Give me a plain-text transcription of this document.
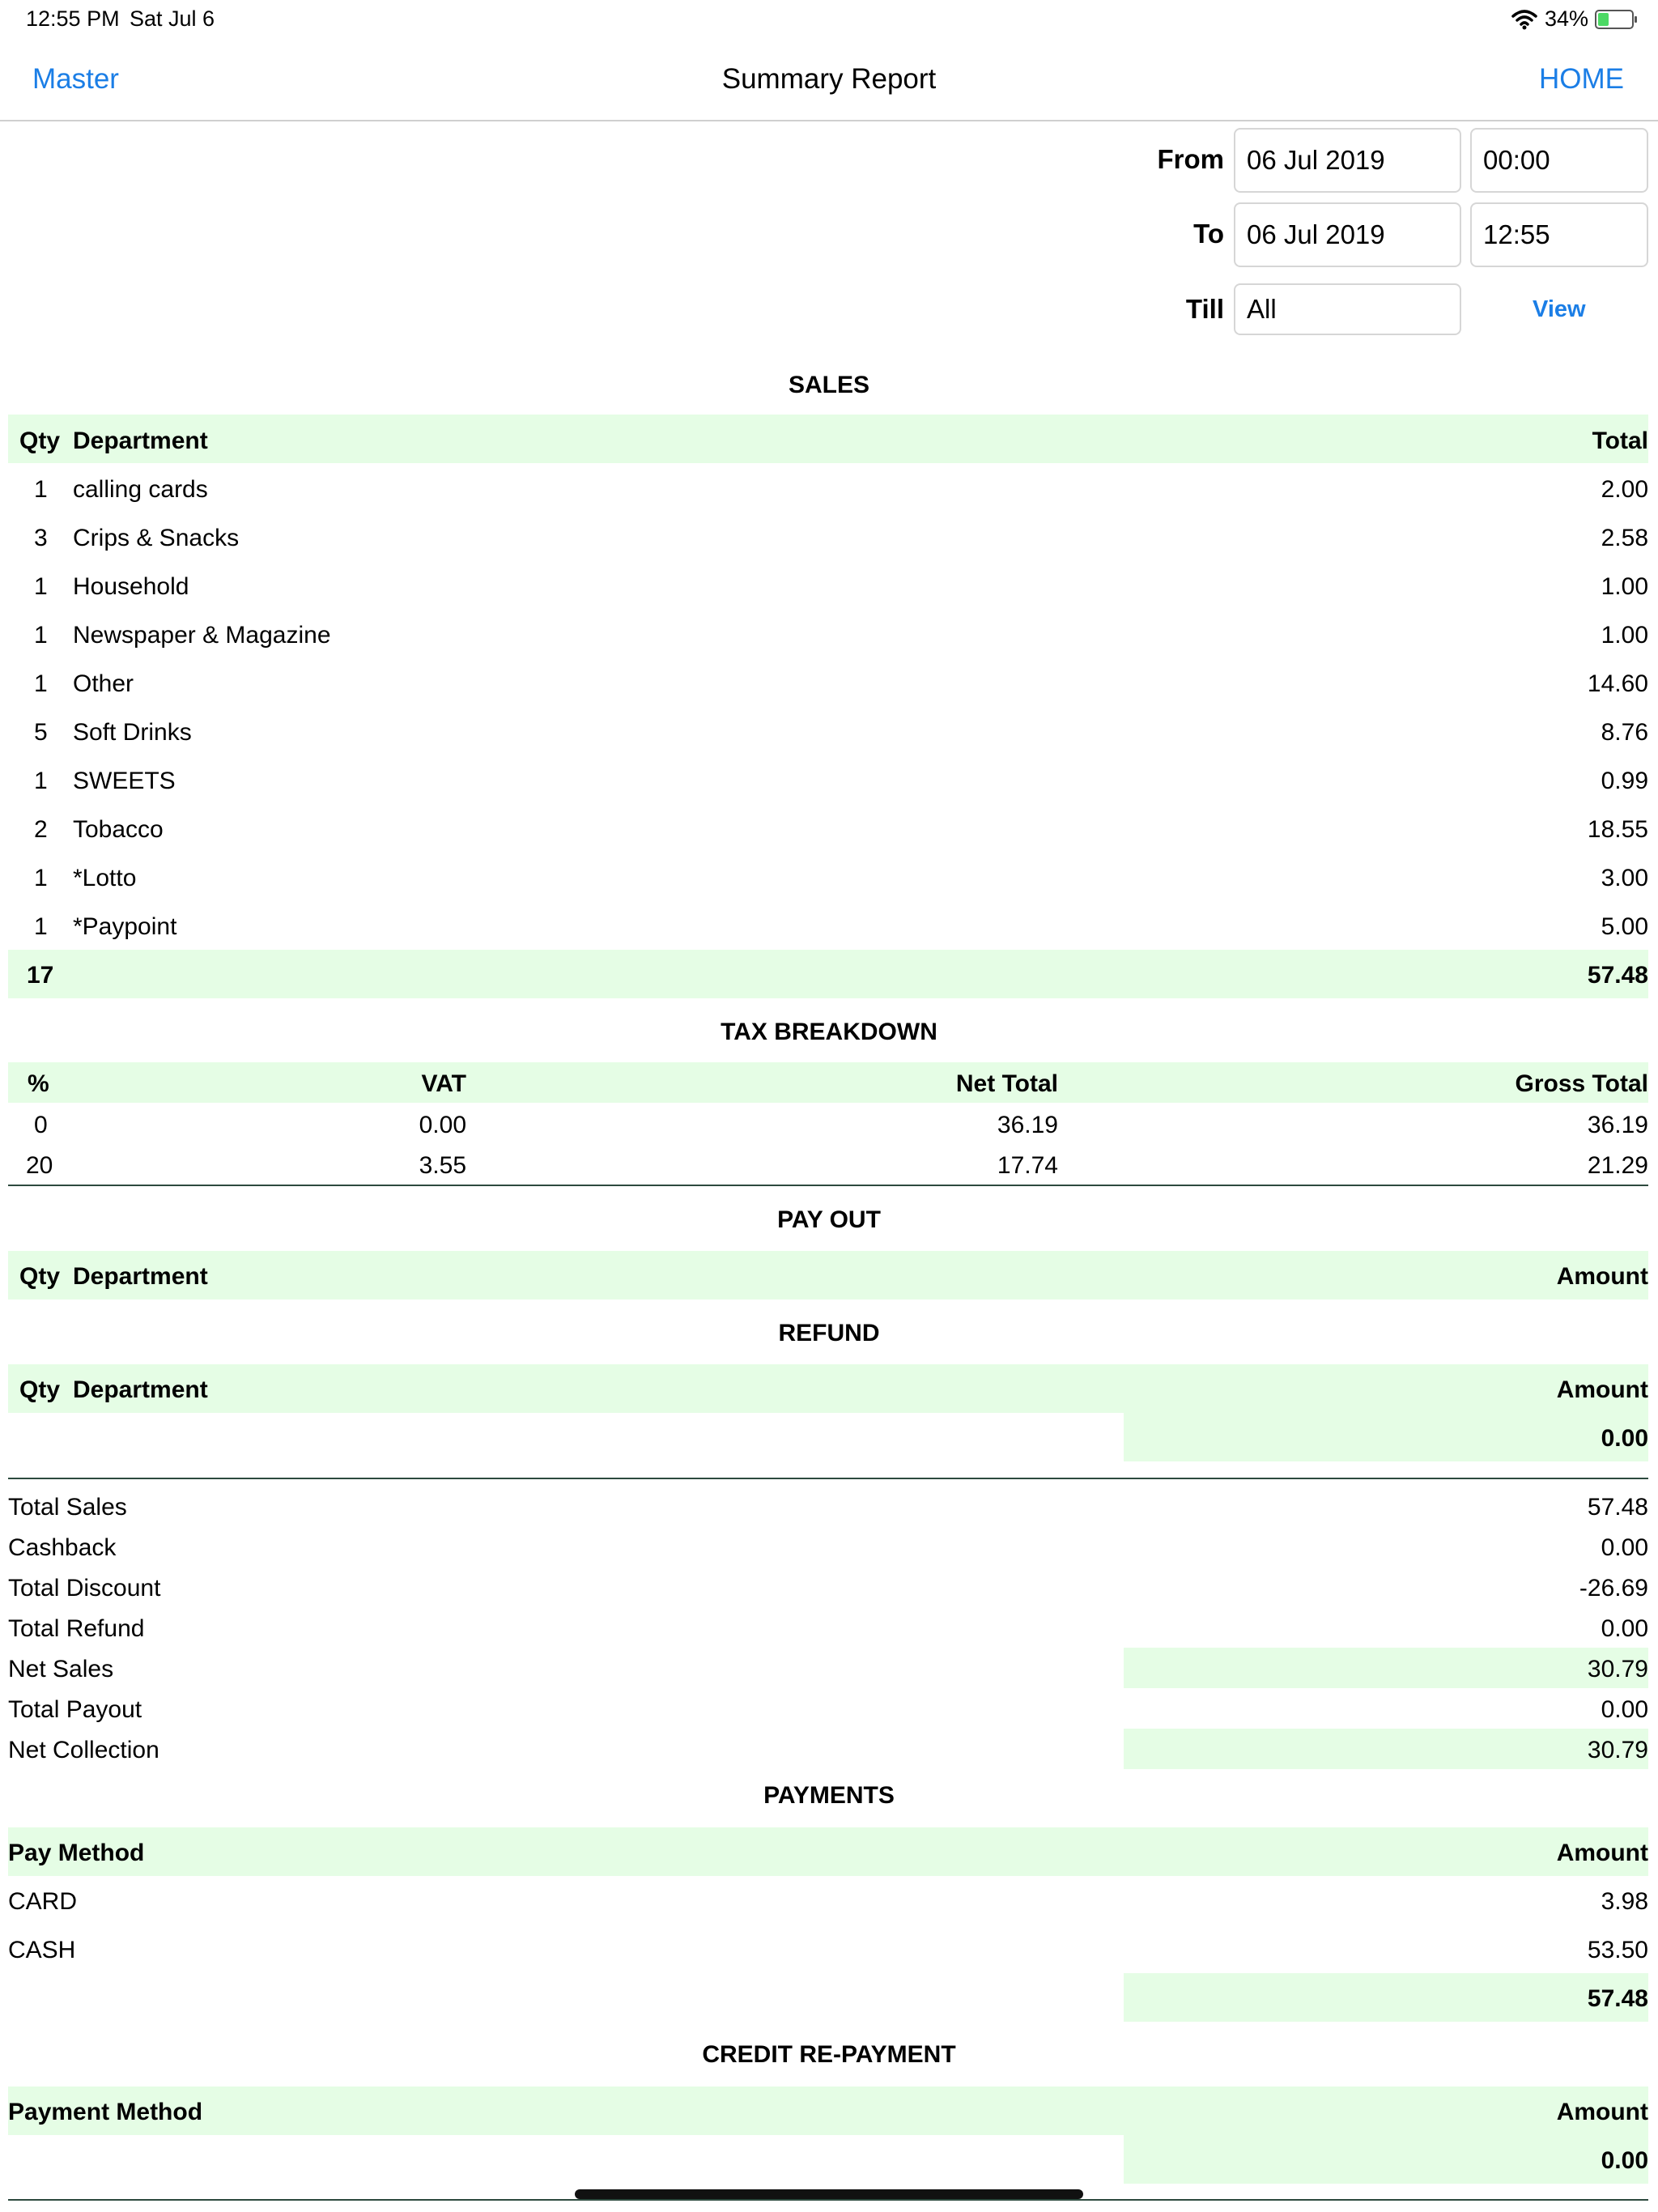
12:55 PM Sat Jul 6	34%
Master	Summary Report	HOME
From 06 Jul 2019	00:00
To 06 Jul 2019	12:55
Till All	View
SALES
Qty Department	Total
1 calling cards	2.00
3 Crips & Snacks	2.58
1 Household	1.00
1 Newspaper & Magazine	1.00
1 Other	14.60
5 Soft Drinks	8.76
1 SWEETS	0.99
2 Tobacco	18.55
1 *Lotto	3.00
1 *Paypoint	5.00
17	57.48
TAX BREAKDOWN
%	VAT	Net Total	Gross Total
0	0.00	36.19	36.19
20	3.55	17.74	21.29
PAY OUT
Qty Department	Amount
REFUND
Qty Department	Amount
0.00
Total Sales	57.48
Cashback	0.00
Total Discount	-26.69
Total Refund	0.00
Net Sales	30.79
Total Payout	0.00
Net Collection	30.79
PAYMENTS
Pay Method	Amount
CARD	3.98
CASH	53.50
57.48
CREDIT RE-PAYMENT
Payment Method	Amount
0.00
